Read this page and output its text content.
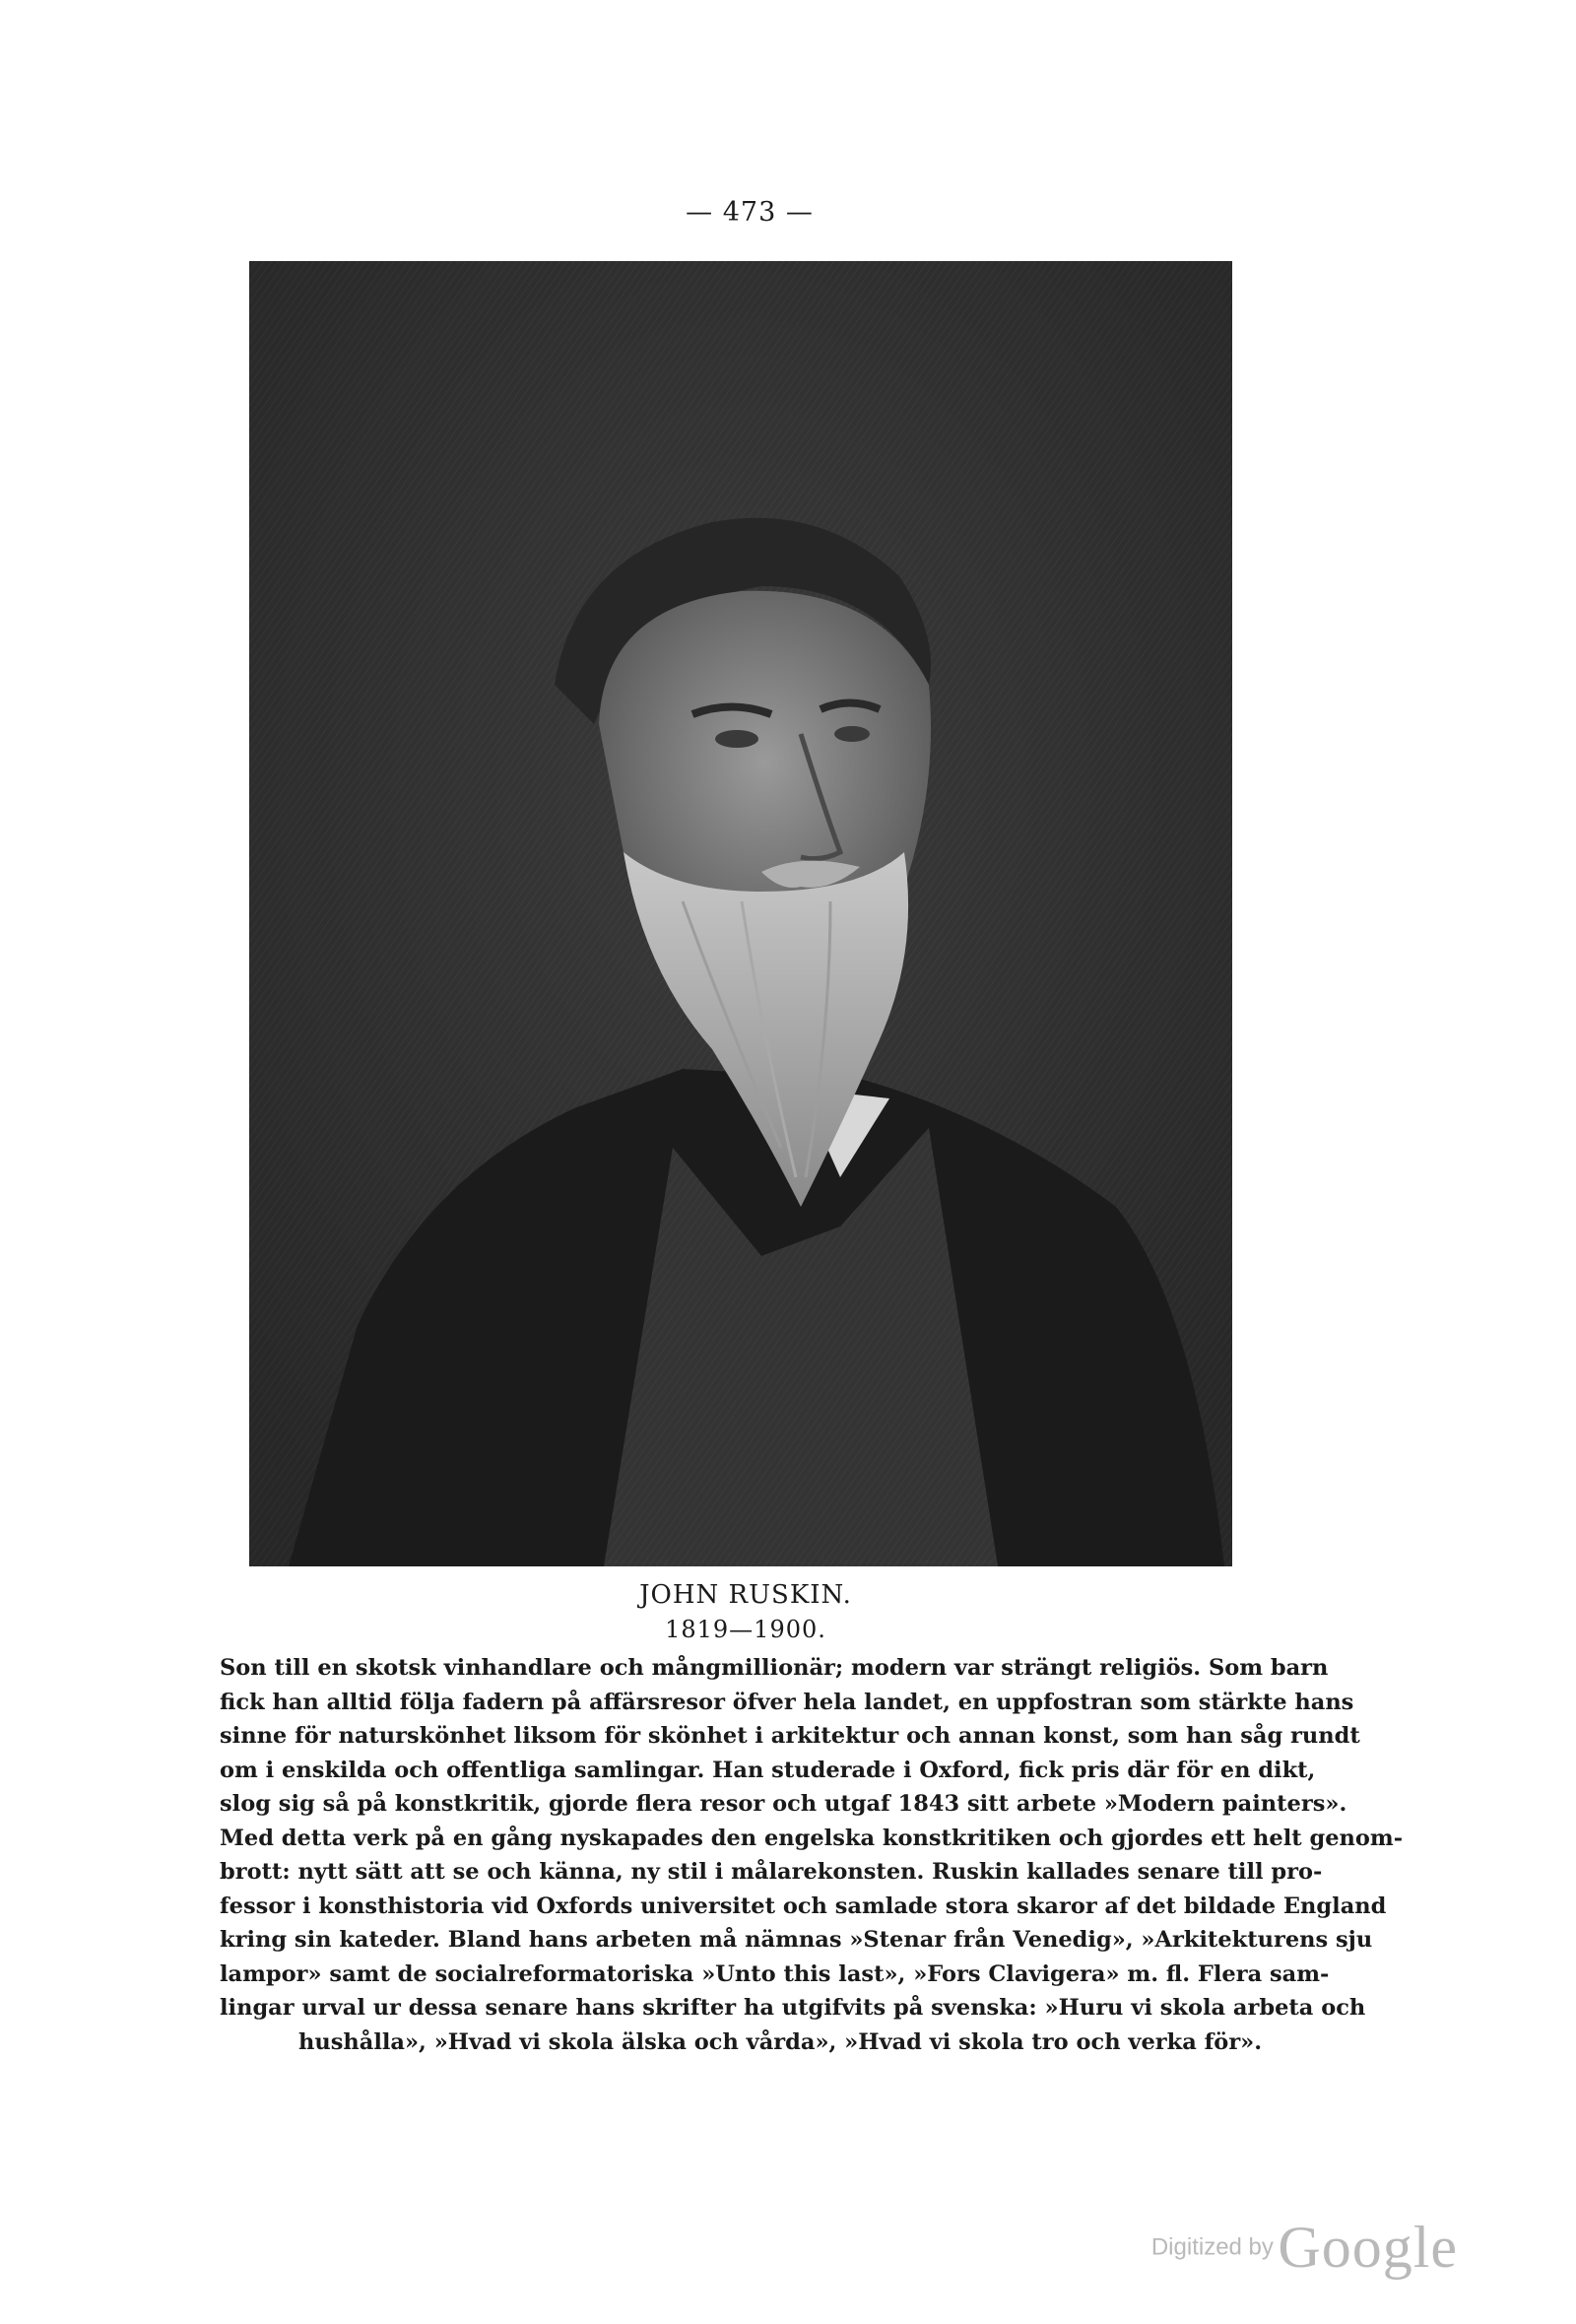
— 473 —
JOHN RUSKIN.
1819—1900.
Son till en skotsk vinhandlare och mångmillionär; modern var strängt religiös. Som barn
fick han alltid följa fadern på affärsresor öfver hela landet, en uppfostran som stärkte hans
sinne för naturskönhet liksom för skönhet i arkitektur och annan konst, som han såg rundt
om i enskilda och offentliga samlingar. Han studerade i Oxford, fick pris där för en dikt,
slog sig så på konstkritik, gjorde flera resor och utgaf 1843 sitt arbete »Modern painters».
Med detta verk på en gång nyskapades den engelska konstkritiken och gjordes ett helt genom-
brott: nytt sätt att se och känna, ny stil i målarekonsten. Ruskin kallades senare till pro-
fessor i konsthistoria vid Oxfords universitet och samlade stora skaror af det bildade England
kring sin kateder. Bland hans arbeten må nämnas »Stenar från Venedig», »Arkitekturens sju
lampor» samt de socialreformatoriska »Unto this last», »Fors Clavigera» m. fl. Flera sam-
lingar urval ur dessa senare hans skrifter ha utgifvits på svenska: »Huru vi skola arbeta och
hushålla», »Hvad vi skola älska och vårda», »Hvad vi skola tro och verka för».
Digitized by Google
